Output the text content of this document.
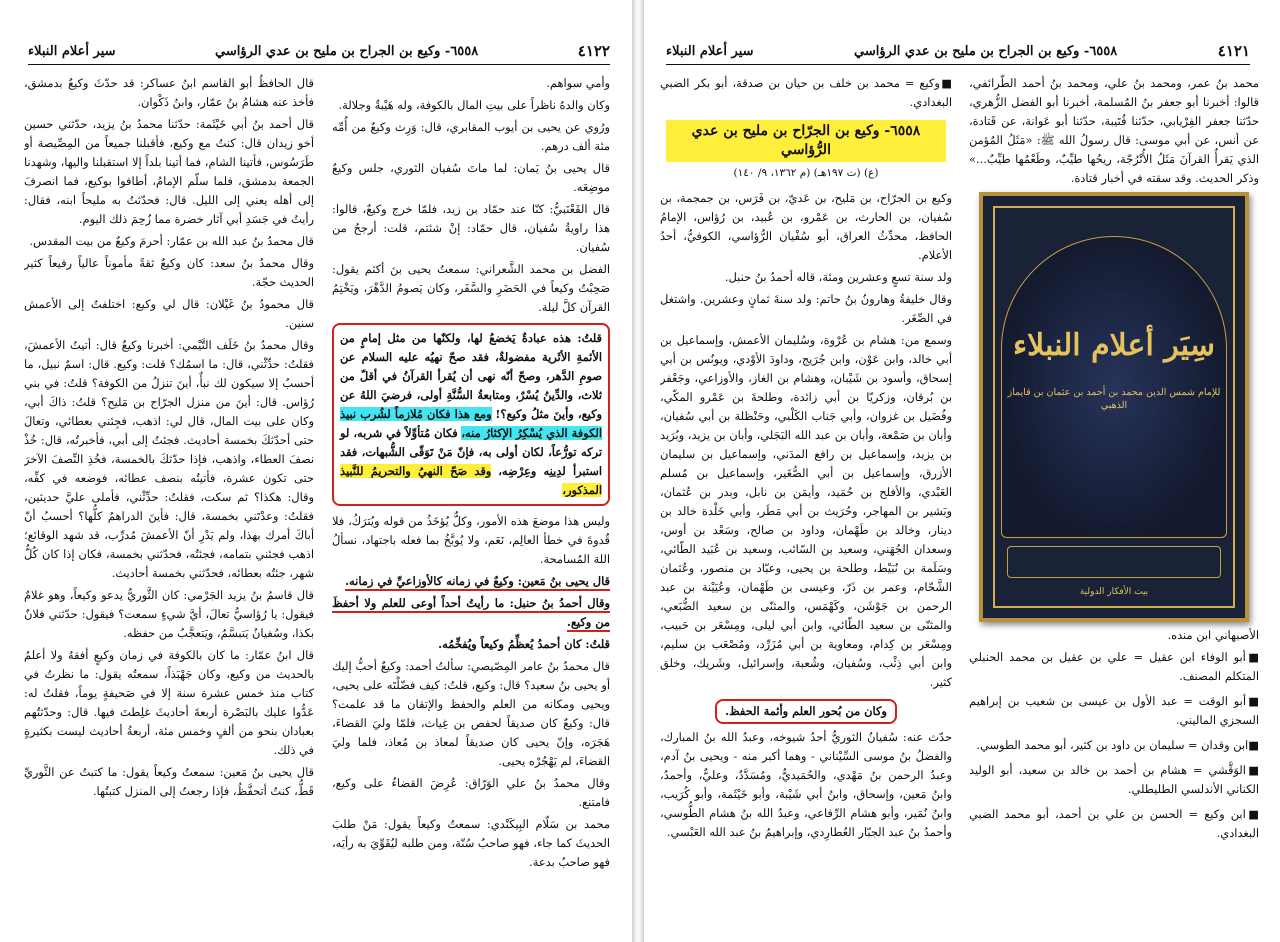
٤١٢٢
٦٥٥٨- وكيع بن الجراح بن مليح بن عدي الرؤاسي
سير أعلام النبلاء

وأمي سواهم.

وكان والدهُ ناظراً على بيتِ المال بالكوفة، وله هَيْبةٌ وجلالة.

ورُوي عن يحيى بن أيوب المقابري، قال: وَرِث وكيعٌ من أُمِّه مئة ألف درهم.

قال يحيى بنُ يَمان: لما ماتَ سُفيان الثوري، جلس وكيعٌ موضِعَه.

قال القَعْنَبيُّ: كنّا عند حمّاد بن زيد، فلمّا خرج وكيعٌ، قالوا: هذا راويةُ سُفيان، قال حمّاد: إنْ شئتم، قلت: أرجحُ من سُفيان.

الفضل بن محمد الشَّعراني: سمعتُ يحيى بنَ أكثم يقول: صَحِبْتُ وكيعاً في الحَضَرِ والسَّفَر، وكان يَصومُ الدَّهْرَ، ويَخْتِمُ القرآن كلَّ ليلة.

قلتُ: هذه عبادةٌ يَخضعُ لها، ولكنّها من مثل إمامٍ من الأئمةِ الأثَرية مفضولةٌ، فقد صحّ نهيُه عليه السلام عن صومِ الدَّهر، وصحّ أنّه نهى أن يُقرأ القرآنُ في أقلّ من ثلاث، والدِّينُ يُسْرٌ، ومتابعةُ السُّنَّةِ أولى، فرضيَ اللهُ عن وكيع، وأينَ مثلُ وكيع؟! ومع هذا فكان مُلازماً لشُرب نبيذ الكوفة الذي يُسْكِرُ الإكثارُ منه، فكان مُتأوِّلاً في شربه، لو تركه تورُّعاً، لكان أولى به، فإنّ مَنْ تَوَقّى الشُّبهات، فقد استبرأ لدِينِه وعِرْضِه، وقد صَحّ النهيُ والتحريمُ للنَّبيذ المذكور،

وليس هذا موضعَ هذه الأمور، وكلٌّ يُؤخَذُ من قوله ويُترَكُ، فلا قُدوةَ في خطأ العالِم، نَعَم، ولا يُوبَّخُ بما فعله باجتهاد، نسألُ اللهَ المُسامحة.

قال يحيى بنُ مَعين: وكيعٌ في زمانه كالأوزاعيِّ في زمانه.

وقال أحمدُ بنُ حنبل: ما رأيتُ أحداً أوعى للعلم ولا أحفظَ من وكيع.

قلتُ: كان أحمدُ يُعظِّمُ وكيعاً ويُفخِّمُه.

قال محمدُ بنُ عامر المِصّيصي: سألتُ أحمد: وكيعٌ أحبُّ إليك أو يحيى بنُ سعيد؟ قال: وكيع، قلتُ: كيف فضّلْتَه على يحيى، ويحيى ومكانه من العلم والحفظ والإتقان ما قد علمت؟ قال: وكيعٌ كان صديقاً لحفص بن غِياث، فلمّا وليَ القضاءَ، هَجَرَه، وإنّ يحيى كان صديقاً لمعاذ بن مُعاذ، فلما وليَ القضاءَ، لم يَهْجُرْه يحيى.

وقال محمدُ بنُ علي الوَرّاق: عُرِضَ القضاءُ على وكيع، فامتنع.

محمد بن سَلّام البِيكَنْدي: سمعتُ وكيعاً يقول: مَنْ طلبَ الحديثَ كما جاء، فهو صاحبُ سُنّة، ومن طلبه ليُقَوِّيَ به رأيَه، فهو صاحبُ بدعة.

قال الحافظُ أبو القاسم ابنُ عساكر: قد حدّثَ وكيعٌ بدمشق، فأخذ عنه هشامُ بنُ عمّار، وابنُ ذَكْوان.

قال أحمد بنُ أبي خَيْثَمة: حدّثنا محمدُ بنُ يزيد، حدّثني حسين أخو زيدان قال: كنتُ مع وكيع، فأقبلنا جميعاً من المِصِّيصة أو طَرَسُوس، فأتينا الشام، فما أتينا بلداً إلا استقبلنا واليها، وشهدنا الجمعة بدمشق، فلما سلّم الإمامُ، أطافوا بوكيع، فما انصرفَ إلى أهله يعني إلى الليل. قال: فحدّثتُ به مليحاً ابنه، فقال: رأيتُ في جَسَدِ أبي آثار خضرة مما زُحِمَ ذلك اليوم.

قال محمدُ بنُ عبد الله بن عمّار: أحرمَ وكيعٌ من بيت المقدس.

وقال محمدُ بنُ سعد: كان وكيعٌ ثقةً مأموناً عالياً رفيعاً كثير الحديث حجّة.

قال محمودُ بنُ غَيْلان: قال لي وكيع: اختلفتُ إلى الأعمش سنين.

وقال محمدُ بنُ خَلَف التَّيْمي: أخبرنا وكيعٌ قال: أتيتُ الأعمشَ، فقلتُ: حدِّثْني، قال: ما اسمُك؟ قلت: وكيع. قال: اسمٌ نبيل، ما أحسبُ إلا سيكون لك نبأٌ، أينَ تنزلُ من الكوفة؟ قلتُ: في بني رُؤاس. قال: أينَ من منزل الجرّاح بن مَليح؟ قلتُ: ذاكَ أبي، وكان على بيت المال، قال لي: اذهب، فجِئني بعطائي، وتعالَ حتى أحدّثكَ بخمسة أحاديث. فجئتُ إلى أبي، فأخبرتُه، قال: خُذْ نصفَ العطاء، واذهب، فإذا حدّثكَ بالخمسة، فخُذِ النِّصفَ الآخرَ حتى تكون عشرة، فأتيتُه بنصف عطائه، فوضعه في كفِّه، وقال: هكذا؟ ثم سكت، فقلتُ: حدِّثْني، فأملى عليَّ حديثين، فقلتُ: وعدْتَني بخمسة، قال: فأينَ الدراهمُ كلُّها؟ أحسبُ أنّ أباكَ أمرك بهذا، ولم يَدْرِ أنّ الأعمشَ مُدرِّب، قد شهد الوقائع؛ اذهب فجئني بتمامه، فجئتُه، فحدّثني بخمسة، فكان إذا كان كُلُّ شهر، جئتُه بعطائه، فحدّثني بخمسة أحاديث.

قال قاسمُ بنُ يزيد الجَرْمي: كان الثَّوريُّ يدعو وكيعاً، وهو غلامٌ فيقول: يا رُؤاسيُّ تعالَ، أيَّ شيءٍ سمعت؟ فيقول: حدّثني فلانٌ بكذا، وسُفيانُ يَتبسَّمُ، ويَتعجَّبُ من حفظه.

قال ابنُ عمّار: ما كان بالكوفة في زمان وكيعٍ أفقهُ ولا أعلمُ بالحديث من وكيع، وكان جَهْبَذاً، سمعتُه يقول: ما نظرتُ في كتاب منذ خمس عشرة سنة إلا في صَحيفةٍ يوماً، فقلتُ له: عَدُّوا عليك بالبَصْرة أربعةَ أحاديثَ غلِطتَ فيها. قال: وحدّثتُهم بعبادان بنحو من ألفٍ وخمس مئة، أربعةُ أحاديث ليست بكثيرةٍ في ذلك.

قال يحيى بنُ مَعين: سمعتُ وكيعاً يقول: ما كتبتُ عن الثَّوريِّ قَطُّ، كنتُ أتحفَّظُ، فإذا رجعتُ إلى المنزل كتبتُها.

٤١٢١
٦٥٥٨- وكيع بن الجراح بن مليح بن عدي الرؤاسي
سير أعلام النبلاء

محمد بنُ عمر، ومحمد بنُ علي، ومحمد بنُ أحمد الطَّرائفي، قالوا: أخبرنا أبو جعفر بنُ المُسلمة، أخبرنا أبو الفضل الزُّهري، حدّثنا جعفر الفِرْيابي، حدّثنا قُتَيبة، حدّثنا أبو عَوانة، عن قَتادة، عن أنس، عن أبي موسى: قال رسولُ الله ﷺ: «مَثَلُ المُؤمن الذي يَقرأُ القرآنَ مَثَلُ الأُتْرُجّة، ريحُها طيِّبٌ، وطَعْمُها طيِّبٌ...» وذكر الحديث. وقد سقته في أخبار قتادة.

سِيَر أعلام النبلاء
للإمام شمس الدين محمد بن أحمد بن عثمان بن قايماز الذهبي
بيت الأفكار الدولية

الأصبهاني ابن منده.

■أبو الوفاء ابن عقيل = علي بن عقيل بن محمد الحنبلي المتكلم المصنف.

■أبو الوقت = عبد الأول بن عيسى بن شعيب بن إبراهيم السجزي الماليني.

■ابن وقدان = سليمان بن داود بن كثير، أبو محمد الطوسي.

■الوَقَّشي = هشام بن أحمد بن خالد بن سعيد، أبو الوليد الكناني الأندلسي الطليطلي.

■ابن وكيع = الحسن بن علي بن أحمد، أبو محمد الضبي البغدادي.

■وكيع = محمد بن خلف بن حيان بن صدقة، أبو بكر الضبي البغدادي.

٦٥٥٨- وكيع بن الجرّاح بن مليح بن عدي الرُّؤاسي
(ع) (ت ١٩٧هـ) (م ١٣٦٢، ٩/ ١٤٠)

وكيع بن الجرّاح، بن مَليح، بن عَديّ، بن فَرَس، بن جمجمة، بن سُفيان، بن الحارث، بن عَمْرو، بن عُبيد، بن رُؤاس، الإمامُ الحافظ، محدِّثُ العراق، أبو سُفْيان الرُّؤاسي، الكوفيُّ، أحدُ الأعلام.

ولد سنة تسعٍ وعشرين ومئة، قاله أحمدُ بنُ حنبل.

وقال خليفةُ وهارونُ بنُ حاتم: ولد سنةَ ثمانٍ وعشرين. واشتغل في الصِّغَر.

وسمع من: هشام بن عُرْوة، وسُليمان الأعمش، وإسماعيل بن أبي خالد، وابن عَوْن، وابن جُرَيج، وداودَ الأوْدي، ويونُس بن أبي إسحاق، وأسود بن شَيْبان، وهشام بن الغاز، والأوزاعي، وجَعْفر بن بُرقان، وزكريّا بن أبي زائدة، وطلحةَ بن عَمْرو المكّي، وفُضَيل بن غزوان، وأبي جَناب الكَلْبي، وحَنْظلة بن أبي سُفيان، وأبان بن صَمْعة، وأبان بن عبد الله البَجَلي، وأبان بن يزيد، وبُرَيد بن يزيد، وإسماعيل بن رافع المدَني، وإسماعيل بن سليمان الأزرق، وإسماعيل بن أبي الصُّغَير، وإسماعيل بن مُسلم العَبْدي، والأفلح بن حُمَيد، وأيمَن بن نابل، وبدر بن عُثمان، وبَشير بن المهاجر، وحُرَيث بن أبي مَطَر، وأبي خَلْدة خالد بن دينار، وخالد بن طَهْمان، وداود بن صالح، وسَعْد بن أوس، وسعدان الجُهَني، وسعيد بن السّائب، وسعيد بن عُبَيد الطّائي، وسَلَمة بن نُبَيْط، وطلحة بن يحيى، وعبّاد بن منصور، وعُثمان الشَّحّام، وعمر بن ذَرّ، وعيسى بن طَهْمان، وعُيَيْنة بن عبد الرحمن بن جَوْشَن، وكَهْمَس، والمثنّى بن سعيد الضُّبَعي، والمثنّى بن سعيد الطّائي، وابن أبي ليلى، ومِسْعَر بن حَبيب، ومِسْعَر بن كِدام، ومعاوية بن أبي مُزَرِّد، ومُصْعَب بن سليم، وابن أبي ذِئْب، وسُفيان، وشُعبة، وإسرائيل، وشَريك، وخلق كثير.

وكان من بُحور العلم وأئمة الحفظ.

حدّث عنه: سُفيانُ الثوريُّ أحدُ شيوخه، وعبدُ الله بنُ المبارك، والفضلُ بنُ موسى السِّيْناني - وهما أكبر منه - ويحيى بنُ آدم، وعبدُ الرحمن بنُ مَهْدي، والحُمَيديُّ، ومُسَدَّدٌ، وعليٌّ، وأحمدُ، وابنُ مَعين، وإسحاق، وابنُ أبي شَيْبة، وأبو خَيْثَمة، وأبو كُرَيب، وابنُ نُمَير، وأبو هشام الرِّفاعي، وعبدُ الله بنُ هشام الطُّوسي، وأحمدُ بنُ عبد الجبّار العُطارِدي، وإبراهيمُ بنُ عبد الله العَبْسي.
